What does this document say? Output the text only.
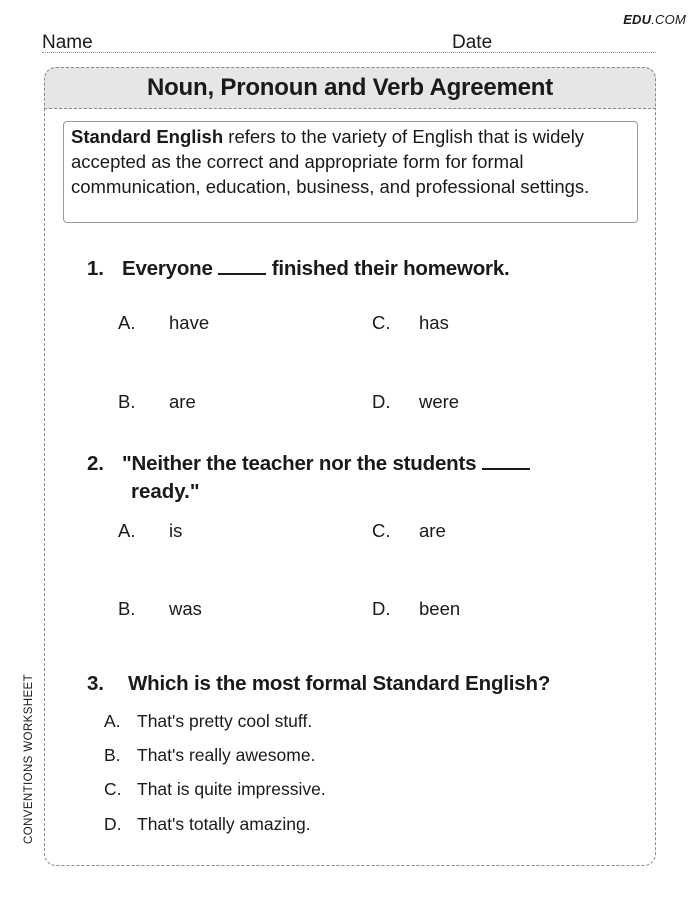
EDU.COM
Name	Date
Noun, Pronoun and Verb Agreement
Standard English refers to the variety of English that is widely accepted as the correct and appropriate form for formal communication, education, business, and professional settings.
1. Everyone	finished their homework.
A. have
B. are
C. has
D. were
2. "Neither the teacher nor the students
ready."
A. is
B. was
C. are
D. been
3. Which is the most formal Standard English?
A. That's pretty cool stuff.
B. That's really awesome.
C. That is quite impressive.
D. That's totally amazing.
CONVENTIONS WORKSHEET
